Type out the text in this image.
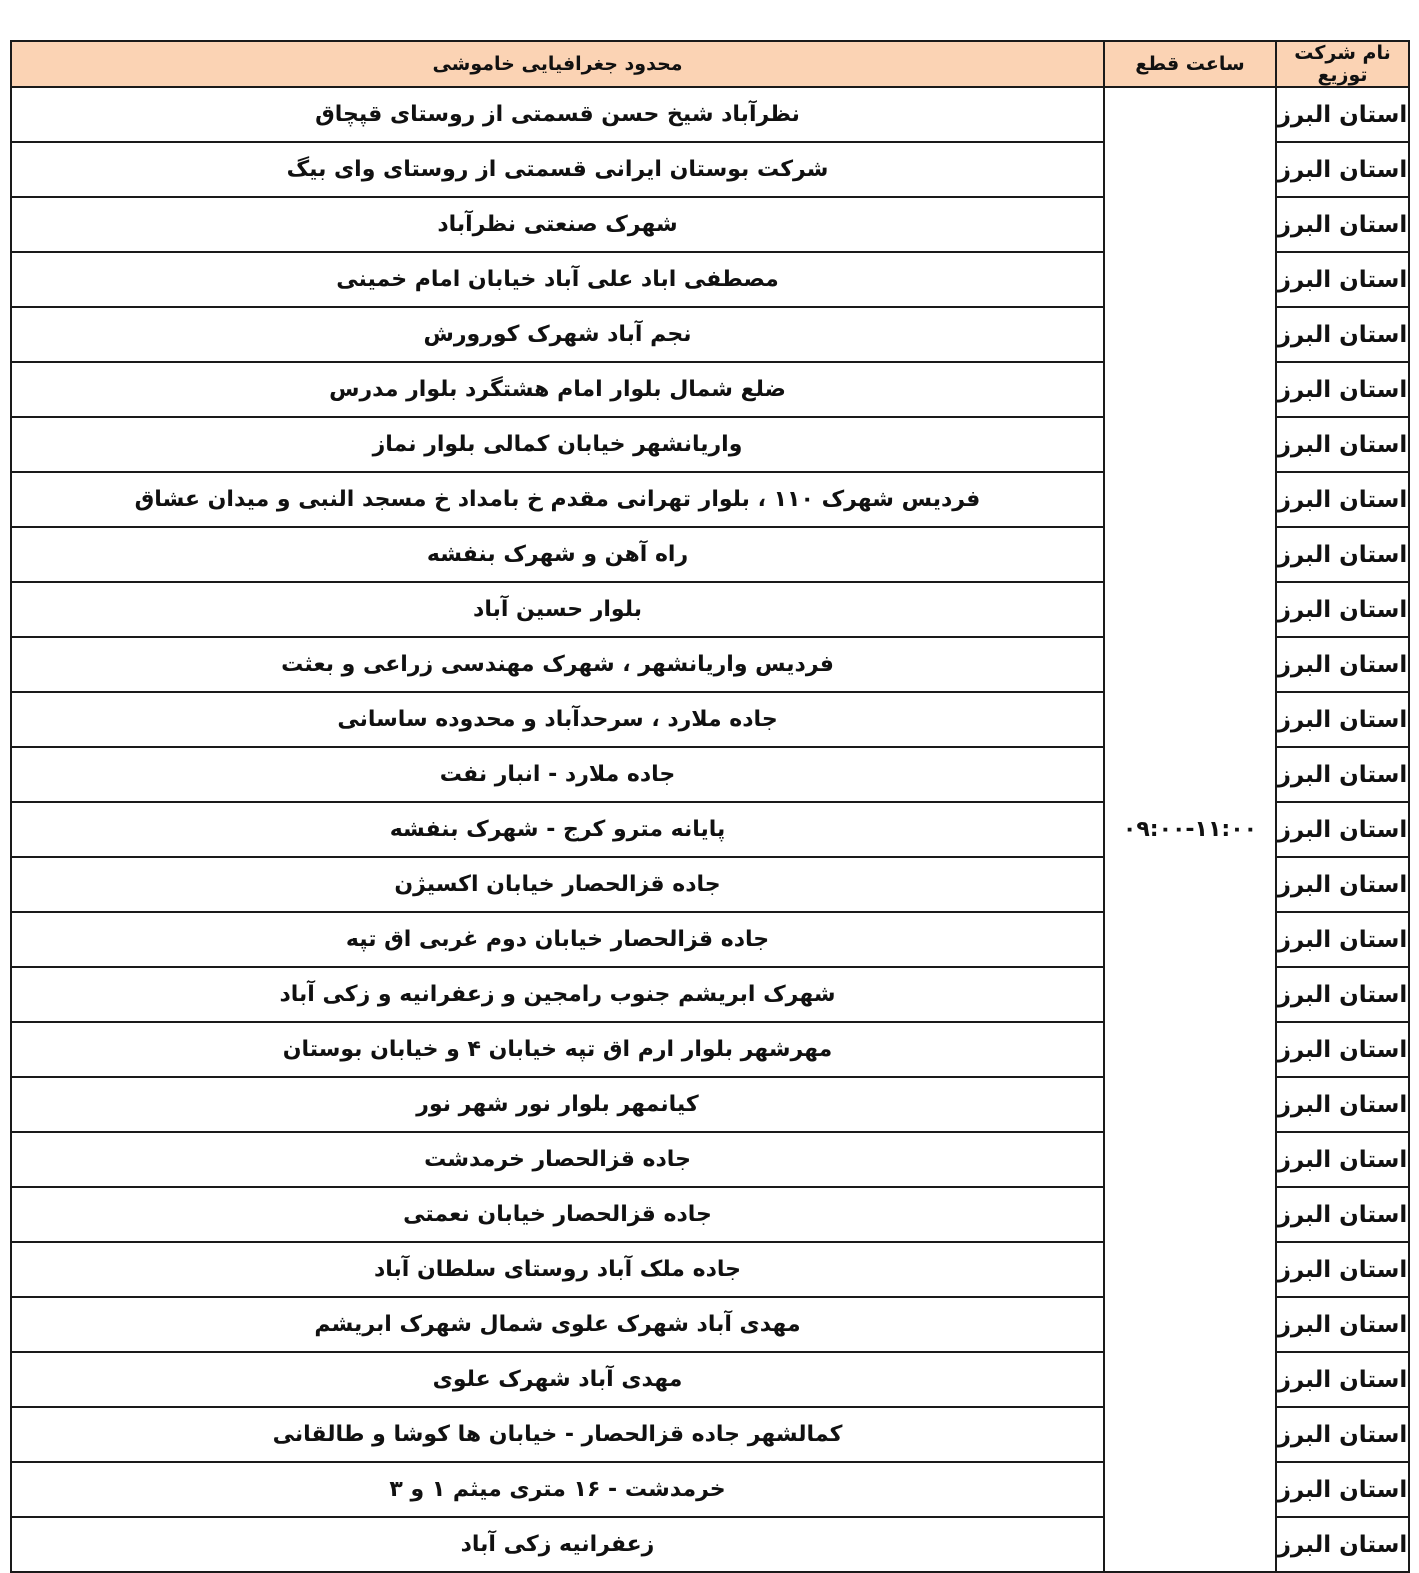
نام شرکت توزیع	ساعت قطع	محدود جغرافیایی خاموشی
استان البرز	۰۹:۰۰-۱۱:۰۰	نظرآباد شیخ حسن قسمتی از روستای قپچاق
استان البرز		شرکت بوستان ایرانی قسمتی از روستای وای بیگ
استان البرز		شهرک صنعتی نظرآباد
استان البرز		مصطفی اباد علی آباد خیابان امام خمینی
استان البرز		نجم آباد شهرک کورورش
استان البرز		ضلع شمال بلوار امام هشتگرد بلوار مدرس
استان البرز		واریانشهر خیابان کمالی بلوار نماز
استان البرز		فردیس شهرک ۱۱۰ ، بلوار تهرانی مقدم خ بامداد خ مسجد النبی و میدان عشاق
استان البرز		راه آهن و شهرک بنفشه
استان البرز		بلوار حسین آباد
استان البرز		فردیس واریانشهر ، شهرک مهندسی زراعی و بعثت
استان البرز		جاده ملارد ، سرحدآباد و محدوده ساسانی
استان البرز		جاده ملارد - انبار نفت
استان البرز		پایانه مترو کرج - شهرک بنفشه
استان البرز		جاده قزالحصار خیابان اکسیژن
استان البرز		جاده قزالحصار خیابان دوم غربی اق تپه
استان البرز		شهرک ابریشم جنوب رامجین و زعفرانیه و زکی آباد
استان البرز		مهرشهر بلوار ارم اق تپه خیابان ۴ و خیابان بوستان
استان البرز		کیانمهر بلوار نور شهر نور
استان البرز		جاده قزالحصار خرمدشت
استان البرز		جاده قزالحصار خیابان نعمتی
استان البرز		جاده ملک آباد روستای سلطان آباد
استان البرز		مهدی آباد شهرک علوی شمال شهرک ابریشم
استان البرز		مهدی آباد شهرک علوی
استان البرز		کمالشهر جاده قزالحصار - خیابان ها کوشا و طالقانی
استان البرز		خرمدشت - ۱۶ متری میثم ۱ و ۳
استان البرز		زعفرانیه زکی آباد
